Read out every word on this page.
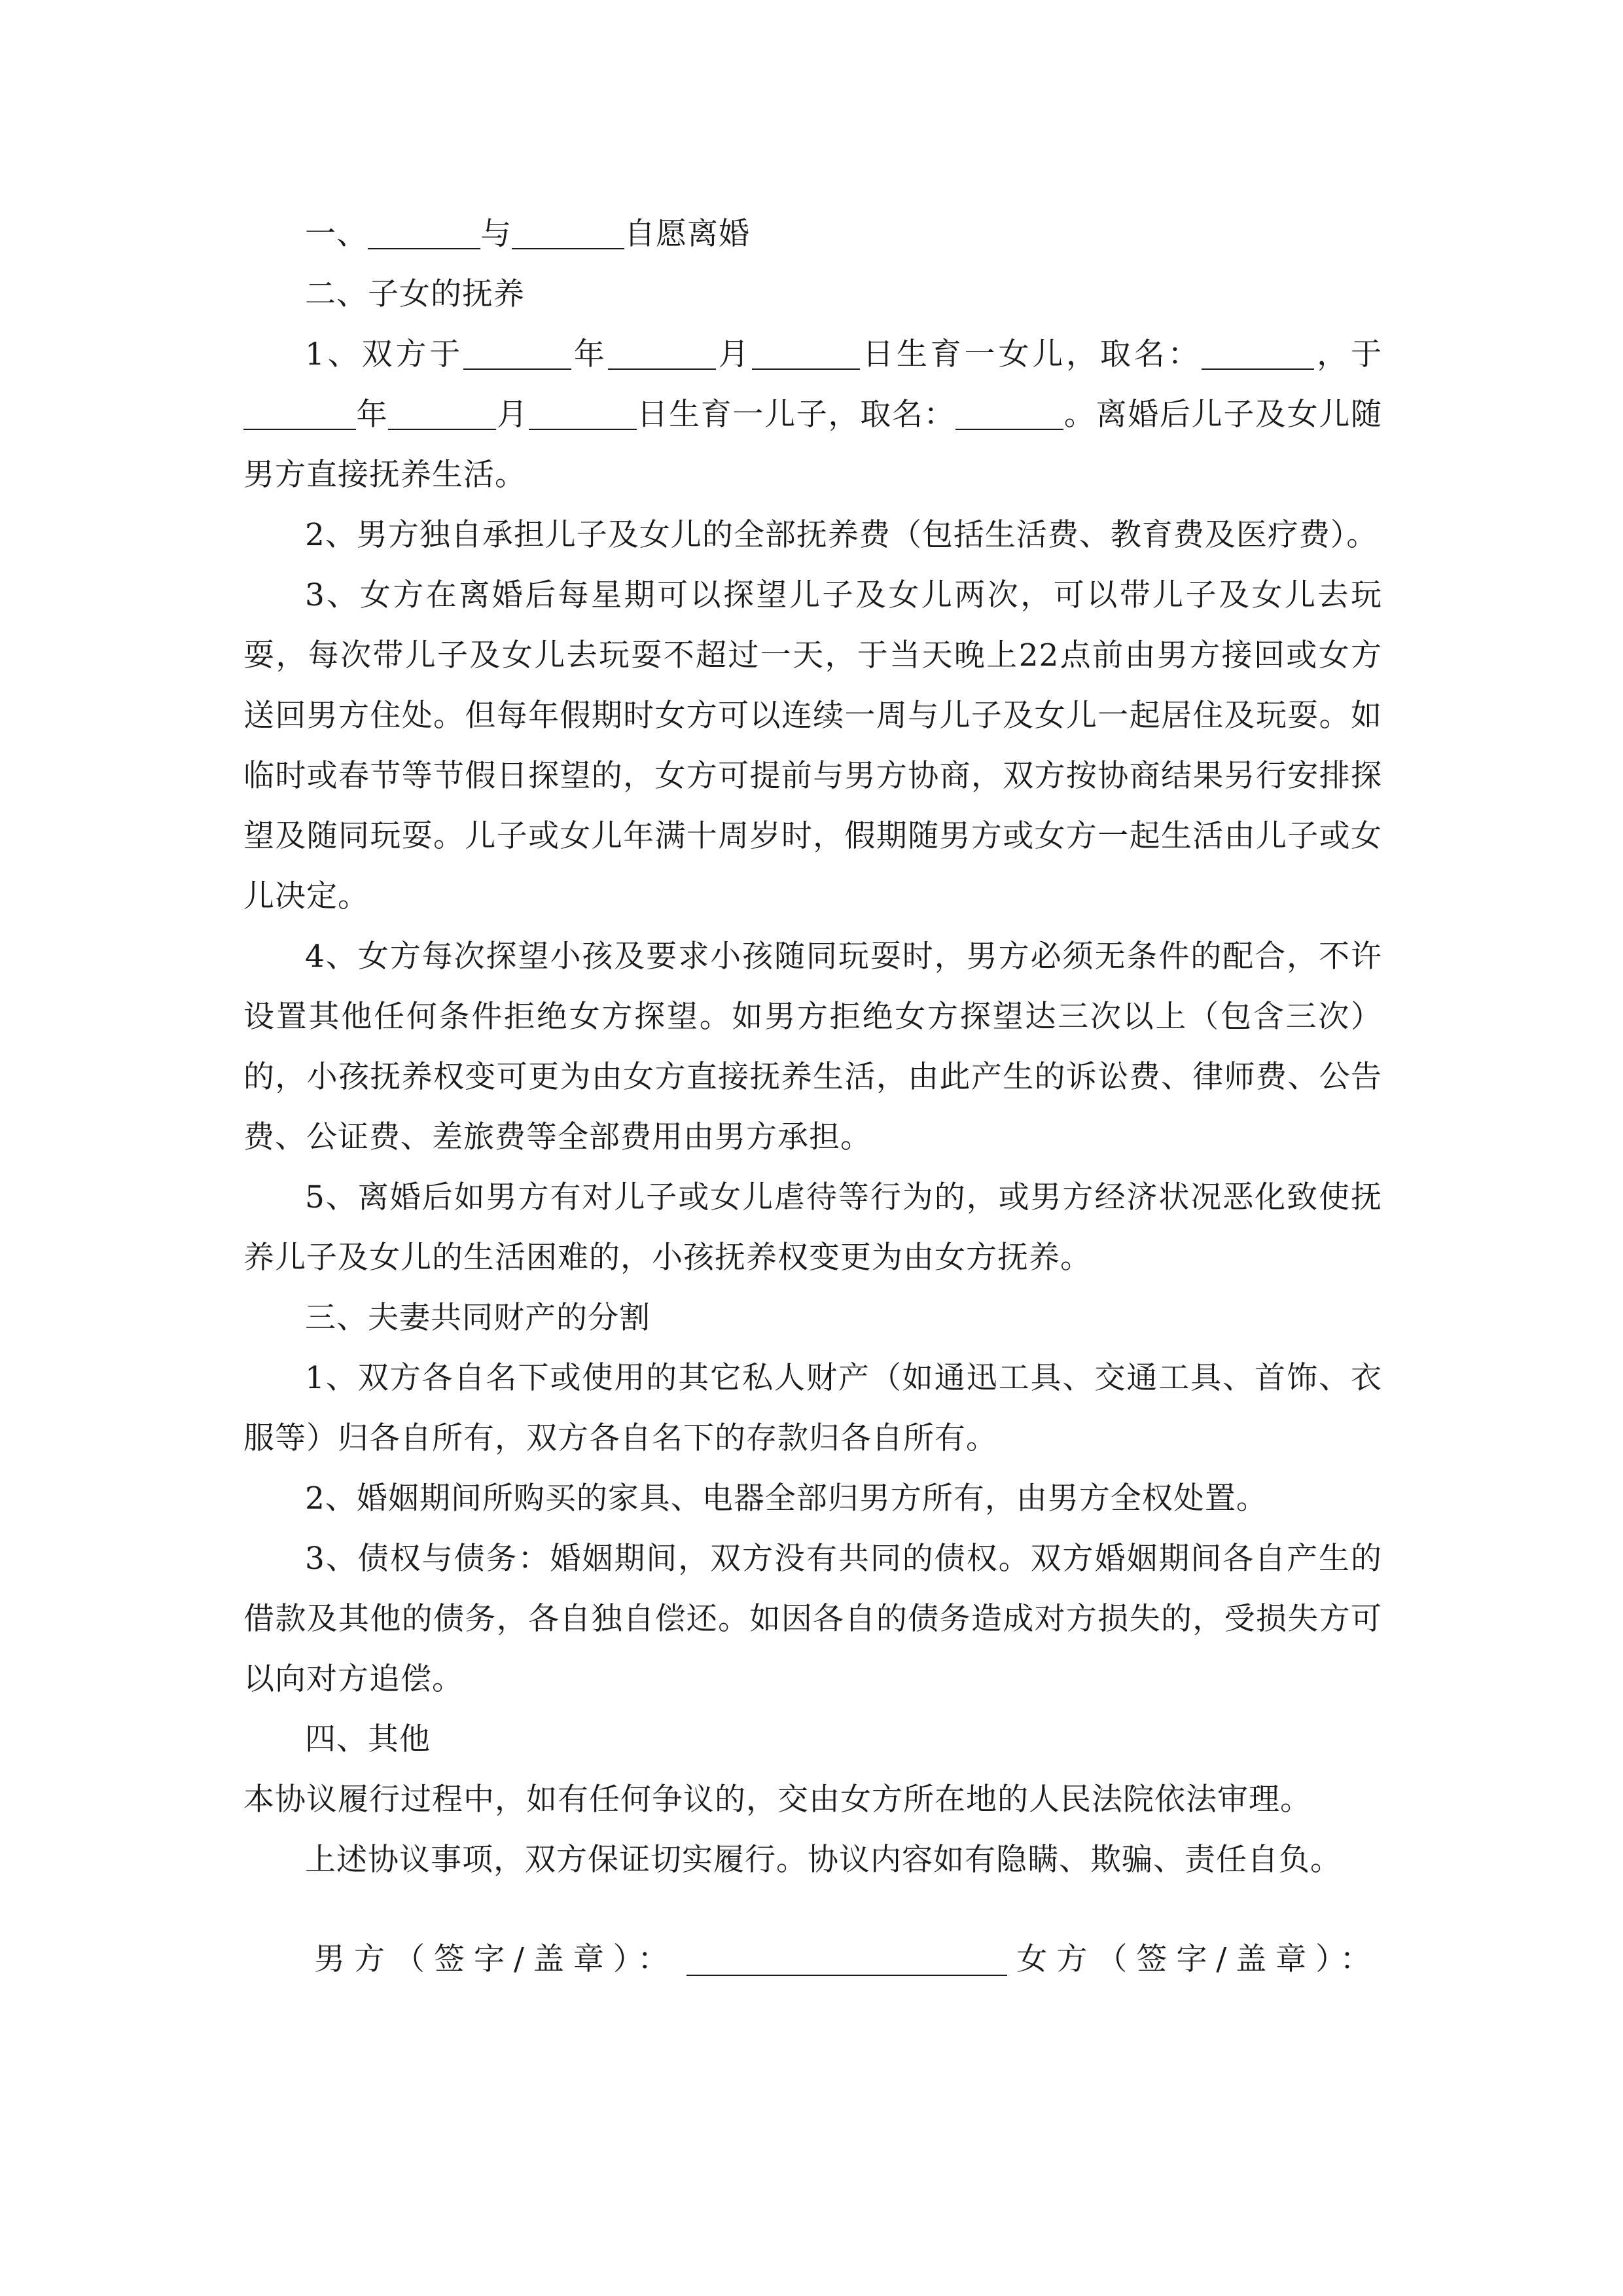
一、	与	自愿离婚

二、子女的抚养

1、双方于	年	月	日生育一女儿，取名：	，于年	月	日生育一儿子，取名：	。离婚后儿子及女儿随男方直接抚养生活。

2、男方独自承担儿子及女儿的全部抚养费（包括生活费、教育费及医疗费）。

3、女方在离婚后每星期可以探望儿子及女儿两次，可以带儿子及女儿去玩耍，每次带儿子及女儿去玩耍不超过一天，于当天晚上22点前由男方接回或女方送回男方住处。但每年假期时女方可以连续一周与儿子及女儿一起居住及玩耍。如临时或春节等节假日探望的，女方可提前与男方协商，双方按协商结果另行安排探望及随同玩耍。儿子或女儿年满十周岁时，假期随男方或女方一起生活由儿子或女儿决定。

4、女方每次探望小孩及要求小孩随同玩耍时，男方必须无条件的配合，不许设置其他任何条件拒绝女方探望。如男方拒绝女方探望达三次以上（包含三次）的，小孩抚养权变可更为由女方直接抚养生活，由此产生的诉讼费、律师费、公告费、公证费、差旅费等全部费用由男方承担。

5、离婚后如男方有对儿子或女儿虐待等行为的，或男方经济状况恶化致使抚养儿子及女儿的生活困难的，小孩抚养权变更为由女方抚养。

三、夫妻共同财产的分割

1、双方各自名下或使用的其它私人财产（如通迅工具、交通工具、首饰、衣服等）归各自所有，双方各自名下的存款归各自所有。

2、婚姻期间所购买的家具、电器全部归男方所有，由男方全权处置。

3、债权与债务：婚姻期间，双方没有共同的债权。双方婚姻期间各自产生的借款及其他的债务，各自独自偿还。如因各自的债务造成对方损失的，受损失方可以向对方追偿。

四、其他

本协议履行过程中，如有任何争议的，交由女方所在地的人民法院依法审理。

上述协议事项，双方保证切实履行。协议内容如有隐瞒、欺骗、责任自负。

男方（签字/盖章）：	女方（签字/盖章）：
